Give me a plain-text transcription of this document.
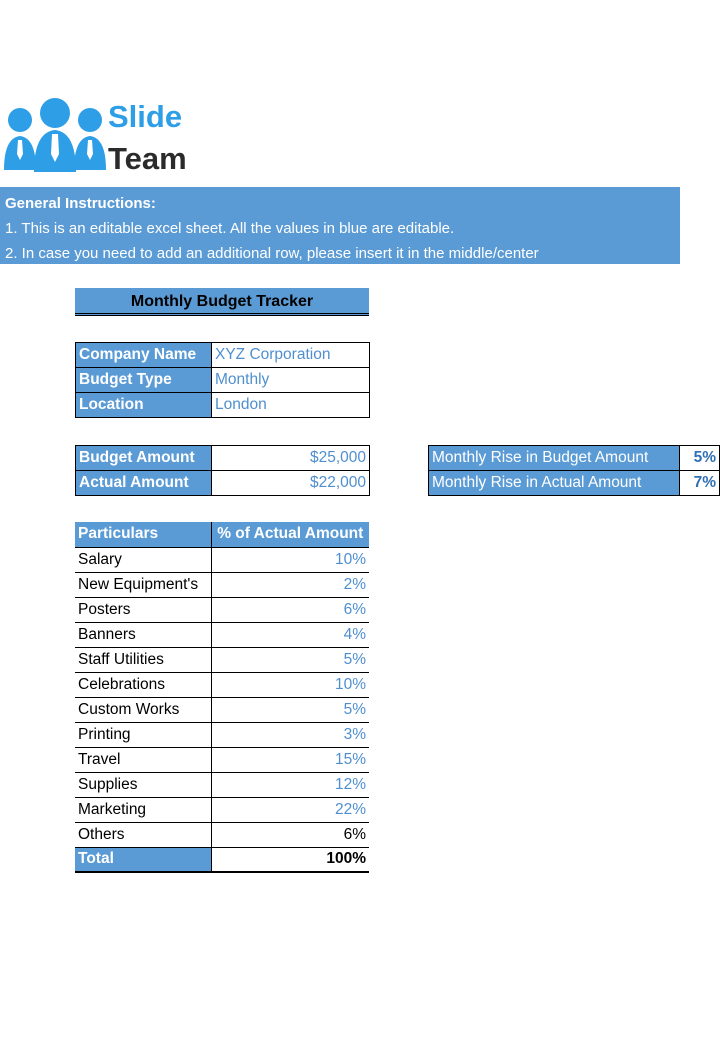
Slide
Team
General Instructions:
1. This is an editable excel sheet. All the values in blue are editable.
2. In case you need to add an additional row, please insert it in the middle/center
Monthly Budget Tracker
Company Name	XYZ Corporation
Budget Type	Monthly
Location	London
Budget Amount	$25,000
Actual Amount	$22,000
Monthly Rise in Budget Amount	5%
Monthly Rise in Actual Amount	7%
Particulars	% of Actual Amount
Salary	10%
New Equipment's	2%
Posters	6%
Banners	4%
Staff Utilities	5%
Celebrations	10%
Custom Works	5%
Printing	3%
Travel	15%
Supplies	12%
Marketing	22%
Others	6%
Total	100%
